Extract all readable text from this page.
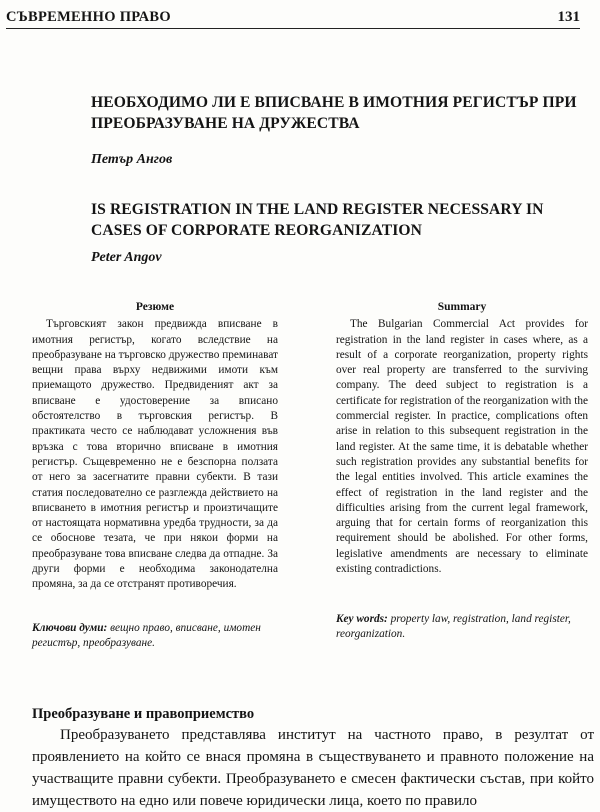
СЪВРЕМЕННО ПРАВО	131
НЕОБХОДИМО ЛИ Е ВПИСВАНЕ В ИМОТНИЯ РЕГИСТЪР ПРИ ПРЕОБРАЗУВАНЕ НА ДРУЖЕСТВА

Петър Ангов

IS REGISTRATION IN THE LAND REGISTER NECESSARY IN CASES OF CORPORATE REORGANIZATION

Peter Angov

Резюме

Търговският закон предвижда вписване в имотния регистър, когато вследствие на преобразуване на търговско дружество преминават вещни права върху недвижими имоти към приемащото дружество. Предвиденият акт за вписване е удостоверение за вписано обстоятелство в търговския регистър. В практиката често се наблюдават усложнения във връзка с това вторично вписване в имотния регистър. Същевременно не е безспорна ползата от него за засегнатите правни субекти. В тази статия последователно се разглежда действието на вписването в имотния регистър и произтичащите от настоящата нормативна уредба трудности, за да се обоснове тезата, че при някои форми на преобразуване това вписване следва да отпадне. За други форми е необходима законодателна промяна, за да се отстранят противоречия.

Ключови думи: вещно право, вписване, имотен регистър, преобразуване.

Summary

The Bulgarian Commercial Act provides for registration in the land register in cases where, as a result of a corporate reorganization, property rights over real property are transferred to the surviving company. The deed subject to registration is a certificate for registration of the reorganization with the commercial register. In practice, complications often arise in relation to this subsequent registration in the land register. At the same time, it is debatable whether such registration provides any substantial benefits for the legal entities involved. This article examines the effect of registration in the land register and the difficulties arising from the current legal framework, arguing that for certain forms of reorganization this requirement should be abolished. For other forms, legislative amendments are necessary to eliminate existing contradictions.

Key words: property law, registration, land register, reorganization.

Преобразуване и правоприемство

Преобразуването представлява институт на частното право, в резултат от проявлението на който се внася промяна в съществуването и правното положение на участващите правни субекти. Преобразуването е смесен фактически състав, при който имуществото на едно или повече юридически лица, което по правило
